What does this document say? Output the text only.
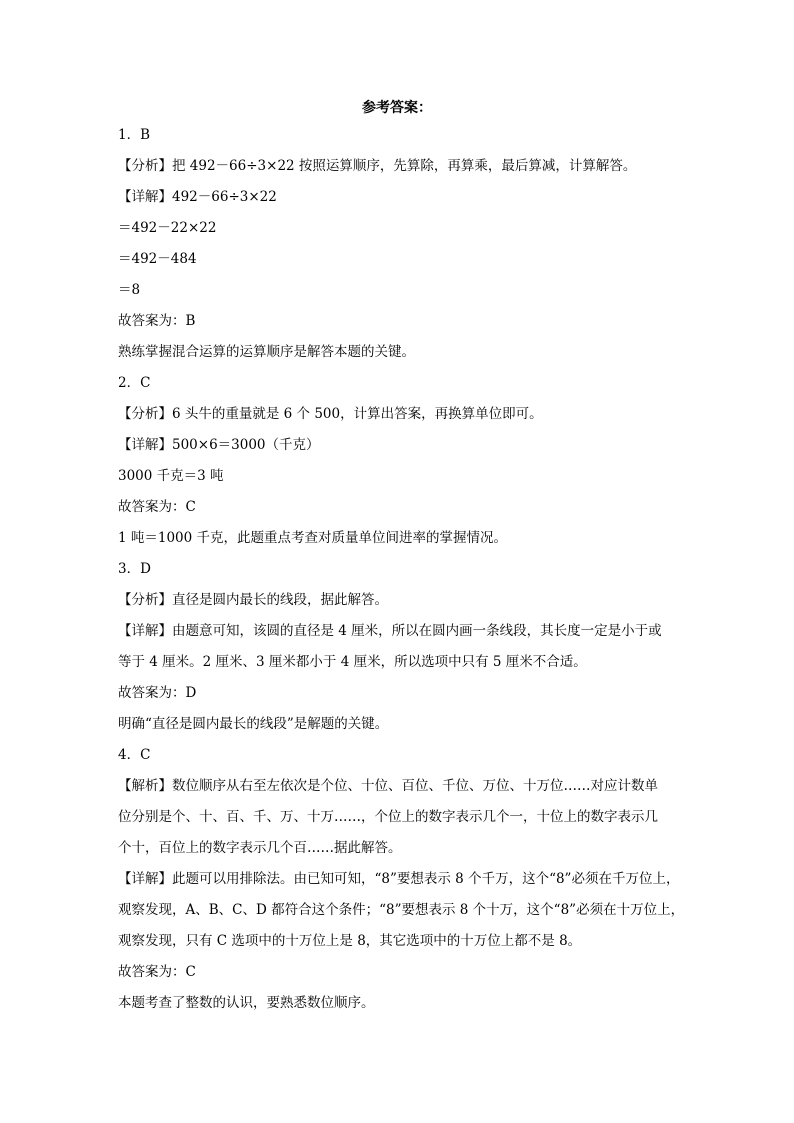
参考答案：
1．B
【分析】把 492－66÷3×22 按照运算顺序，先算除，再算乘，最后算减，计算解答。
【详解】492－66÷3×22
＝492－22×22
＝492－484
＝8
故答案为：B
熟练掌握混合运算的运算顺序是解答本题的关键。
2．C
【分析】6 头牛的重量就是 6 个 500，计算出答案，再换算单位即可。
【详解】500×6＝3000（千克）
3000 千克＝3 吨
故答案为：C
1 吨＝1000 千克，此题重点考查对质量单位间进率的掌握情况。
3．D
【分析】直径是圆内最长的线段，据此解答。
【详解】由题意可知，该圆的直径是 4 厘米，所以在圆内画一条线段，其长度一定是小于或
等于 4 厘米。2 厘米、3 厘米都小于 4 厘米，所以选项中只有 5 厘米不合适。
故答案为：D
明确“直径是圆内最长的线段”是解题的关键。
4．C
【解析】数位顺序从右至左依次是个位、十位、百位、千位、万位、十万位……对应计数单
位分别是个、十、百、千、万、十万……，个位上的数字表示几个一，十位上的数字表示几
个十，百位上的数字表示几个百……据此解答。
【详解】此题可以用排除法。由已知可知，“8”要想表示 8 个千万，这个“8”必须在千万位上，
观察发现，A、B、C、D 都符合这个条件；“8”要想表示 8 个十万，这个“8”必须在十万位上，
观察发现，只有 C 选项中的十万位上是 8，其它选项中的十万位上都不是 8。
故答案为：C
本题考查了整数的认识，要熟悉数位顺序。
